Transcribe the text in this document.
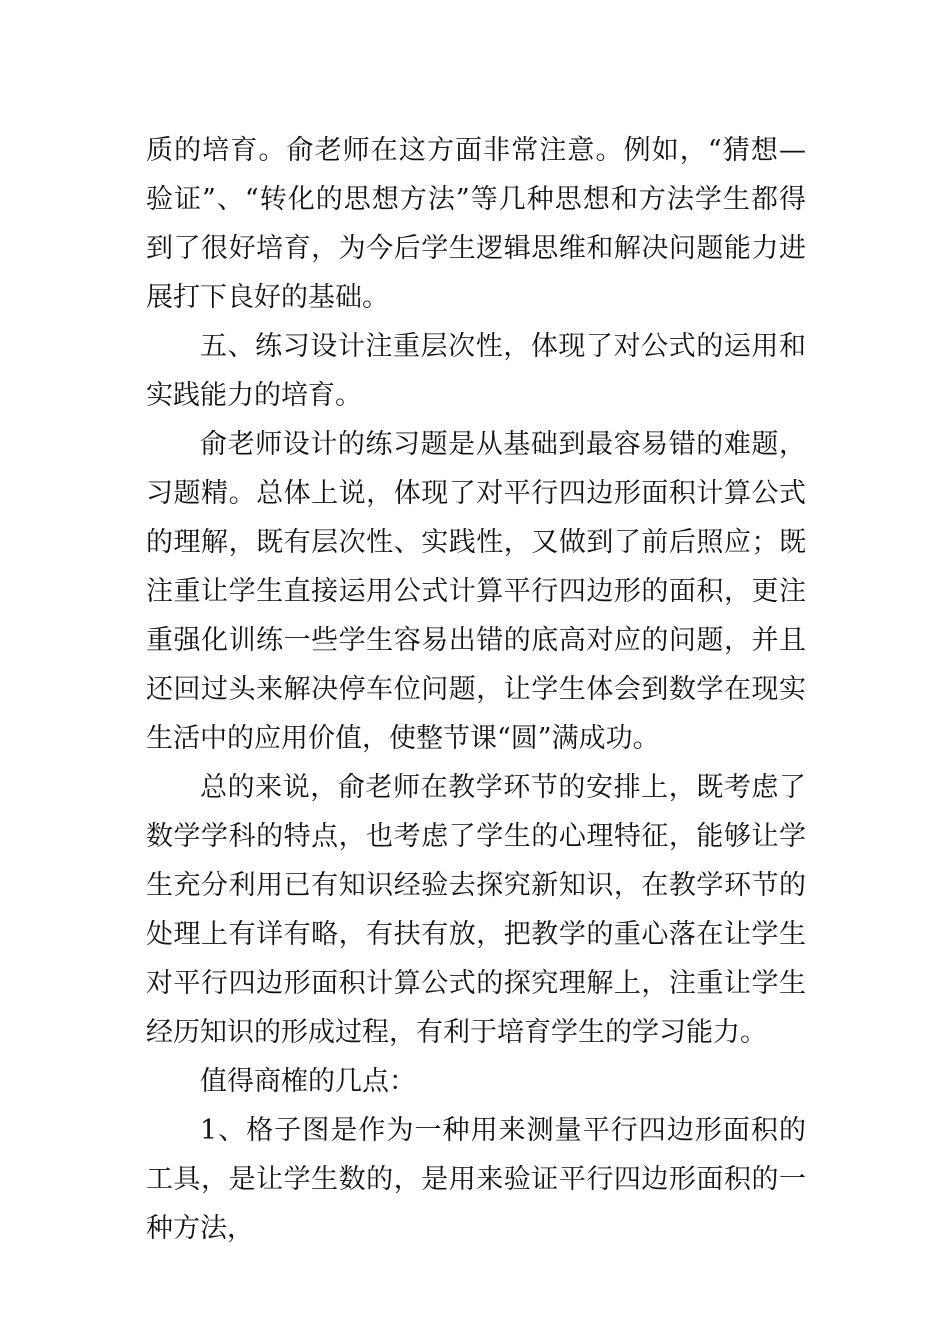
质的培育。俞老师在这方面非常注意。例如，“猜想—验证”、“转化的思想方法”等几种思想和方法学生都得到了很好培育，为今后学生逻辑思维和解决问题能力进展打下良好的基础。

五、练习设计注重层次性，体现了对公式的运用和实践能力的培育。

俞老师设计的练习题是从基础到最容易错的难题，习题精。总体上说，体现了对平行四边形面积计算公式的理解，既有层次性、实践性，又做到了前后照应；既注重让学生直接运用公式计算平行四边形的面积，更注重强化训练一些学生容易出错的底高对应的问题，并且还回过头来解决停车位问题，让学生体会到数学在现实生活中的应用价值，使整节课“圆”满成功。

总的来说，俞老师在教学环节的安排上，既考虑了数学学科的特点，也考虑了学生的心理特征，能够让学生充分利用已有知识经验去探究新知识，在教学环节的处理上有详有略，有扶有放，把教学的重心落在让学生对平行四边形面积计算公式的探究理解上，注重让学生经历知识的形成过程，有利于培育学生的学习能力。

值得商榷的几点：

1、格子图是作为一种用来测量平行四边形面积的工具，是让学生数的，是用来验证平行四边形面积的一种方法，
